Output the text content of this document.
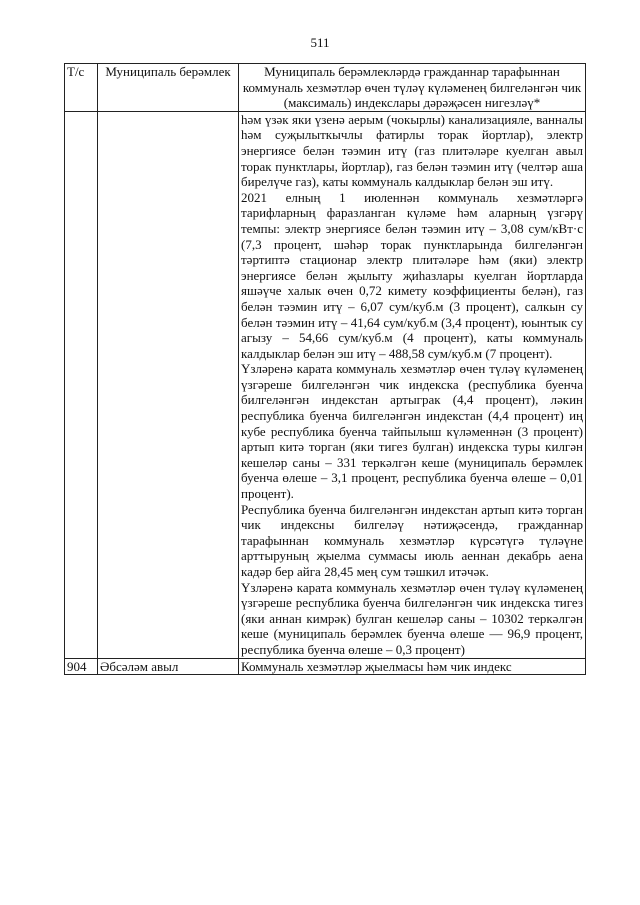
511
Т/с	Муниципаль берәмлек	Муниципаль берәмлекләрдә гражданнар тарафыннан коммуналь хезмәтләр өчен түләү күләменең билгеләнгән чик (максималь) индекслары дәрәҗәсен нигезләү*

		һәм үзәк яки үзенә аерым (чокырлы) канализацияле, ванналы һәм суҗылыткычлы фатирлы торак йортлар), электр энергиясе белән тәэмин итү (газ плитәләре куелган авыл торак пунктлары, йортлар), газ белән тәэмин итү (челтәр аша бирелүче газ), каты коммуналь калдыклар белән эш итү.

2021 елның 1 июленнән коммуналь хезмәтләргә тарифларның фаразланган күләме һәм аларның үзгәрү темпы: электр энергиясе белән тәэмин итү – 3,08 сум/кВт·с (7,3 процент, шәһәр торак пунктларында билгеләнгән тәртиптә стационар электр плитәләре һәм (яки) электр энергиясе белән җылыту җиһазлары куелган йортларда яшәүче халык өчен 0,72 кимету коэффициенты белән), газ белән тәэмин итү – 6,07 сум/куб.м (3 процент), салкын су белән тәэмин итү – 41,64 сум/куб.м (3,4 процент), юынтык су агызу – 54,66 сум/куб.м (4 процент), каты коммуналь калдыклар белән эш итү – 488,58 сум/куб.м (7 процент).

Үзләренә карата коммуналь хезмәтләр өчен түләү күләменең үзгәреше билгеләнгән чик индекска (республика буенча билгеләнгән индекстан артыграк (4,4 процент), ләкин республика буенча билгеләнгән индекстан (4,4 процент) иң кубе республика буенча тайпылыш күләменнән (3 процент) артып китә торган (яки тигез булган) индекска туры килгән кешеләр саны – 331 теркәлгән кеше (муниципаль берәмлек буенча өлеше – 3,1 процент, республика буенча өлеше – 0,01 процент).

Республика буенча билгеләнгән индекстан артып китә торган чик индексны билгеләү нәтиҗәсендә, гражданнар тарафыннан коммуналь хезмәтләр күрсәтүгә түләүне арттыруның җыелма суммасы июль аеннан декабрь аена кадәр бер айга 28,45 мең сум тәшкил итәчәк.

Үзләренә карата коммуналь хезмәтләр өчен түләү күләменең үзгәреше республика буенча билгеләнгән чик индекска тигез (яки аннан кимрәк) булган кешеләр саны – 10302 теркәлгән кеше (муниципаль берәмлек буенча өлеше — 96,9 процент, республика буенча өлеше – 0,3 процент)

904	Әбсәләм авыл	Коммуналь хезмәтләр җыелмасы һәм чик индекс
